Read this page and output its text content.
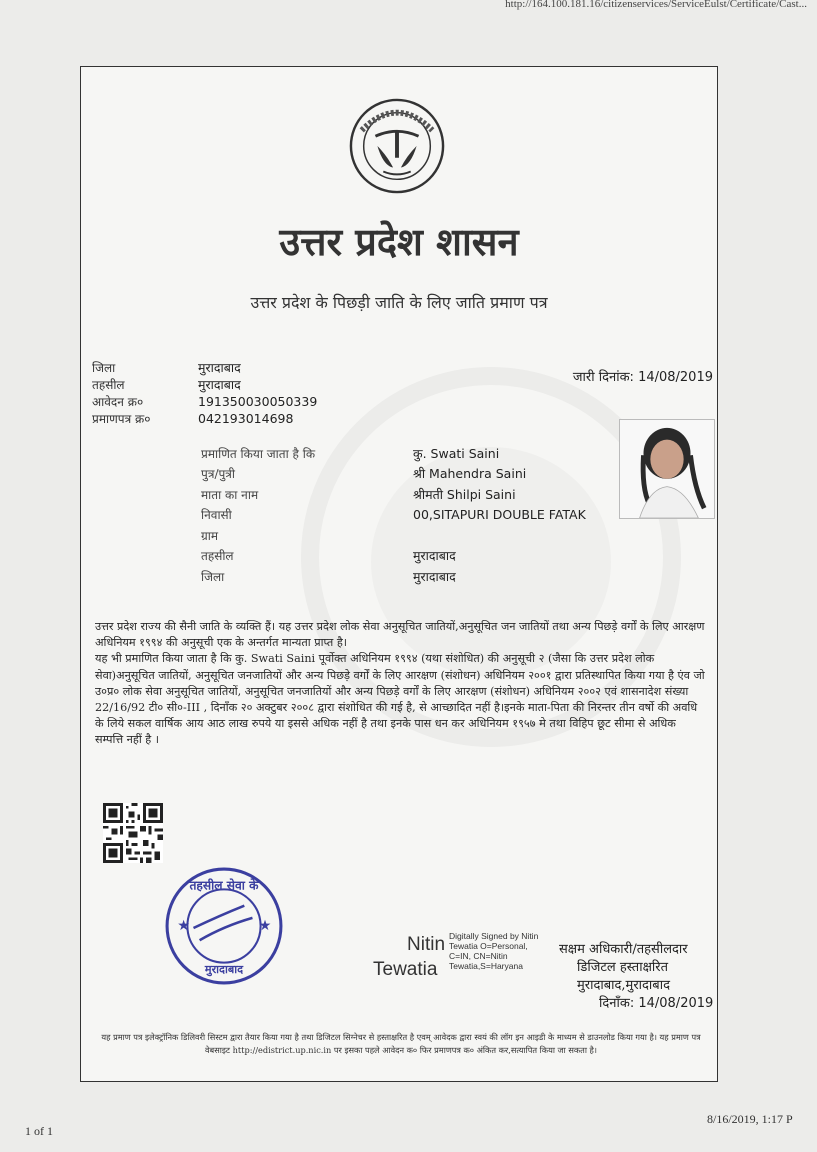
http://164.100.181.16/citizenservices/ServiceEulst/Certificate/Cast...
उत्तर प्रदेश शासन
उत्तर प्रदेश के पिछड़ी जाति के लिए जाति प्रमाण पत्र
जिला	मुरादाबाद
तहसील	मुरादाबाद
आवेदन क्र०	191350030050339
प्रमाणपत्र क्र०	042193014698
जारी दिनांक: 14/08/2019
प्रमाणित किया जाता है कि	कु. Swati Saini
पुत्र/पुत्री	श्री Mahendra Saini
माता का नाम	श्रीमती Shilpi Saini
निवासी	00,SITAPURI DOUBLE FATAK
ग्राम
तहसील	मुरादाबाद
जिला	मुरादाबाद

उत्तर प्रदेश राज्य की सैनी जाति के व्यक्ति हैं। यह उत्तर प्रदेश लोक सेवा अनुसूचित जातियों,अनुसूचित जन जातियों तथा अन्य पिछड़े वर्गों के लिए आरक्षण अधिनियम १९९४ की अनुसूची एक के अन्तर्गत मान्यता प्राप्त है।

यह भी प्रमाणित किया जाता है कि कु. Swati Saini पूर्वोक्त अधिनियम १९९४ (यथा संशोधित) की अनुसूची २ (जैसा कि उत्तर प्रदेश लोक सेवा)अनुसूचित जातियों, अनुसूचित जनजातियों और अन्य पिछड़े वर्गों के लिए आरक्षण (संशोधन) अधिनियम २००१ द्वारा प्रतिस्थापित किया गया है एंव जो उ०प्र० लोक सेवा अनुसूचित जातियों, अनुसूचित जनजातियों और अन्य पिछड़े वर्गों के लिए आरक्षण (संशोधन) अधिनियम २००२ एवं शासनादेश संख्या 22/16/92 टी० सी०-III , दिनाँक २० अक्टुबर २००८ द्वारा संशोधित की गई है, से आच्छादित नहीं है।इनके माता-पिता की निरन्तर तीन वर्षो की अवधि के लिये सकल वार्षिक आय आठ लाख रुपये या इससे अधिक नहीं है तथा इनके पास धन कर अधिनियम १९५७ मे तथा विहिप छूट सीमा से अधिक सम्पत्ति नहीं है ।

तहसील सेवा के
मुरादाबाद
★	★
Nitin
Tewatia
Digitally Signed by Nitin
Tewatia O=Personal,
C=IN, CN=Nitin
Tewatia,S=Haryana
सक्षम अधिकारी/तहसीलदार
डिजिटल हस्ताक्षरित
मुरादाबाद,मुरादाबाद
दिनाँक: 14/08/2019
यह प्रमाण पत्र इलेक्ट्रॉनिक डिलिवरी सिस्टम द्वारा तैयार किया गया है तथा डिजिटल सिग्नेचर से हस्ताक्षरित है एवम् आवेदक द्वारा स्वयं की लॉग इन आइडी के माध्यम से डाउनलोड किया गया है। यह प्रमाण पत्र वेबसाइट http://edistrict.up.nic.in पर इसका पहले आवेदन क० फिर प्रमाणपत्र क० अंकित कर,सत्यापित किया जा सकता है।
1 of 1
8/16/2019, 1:17 P
